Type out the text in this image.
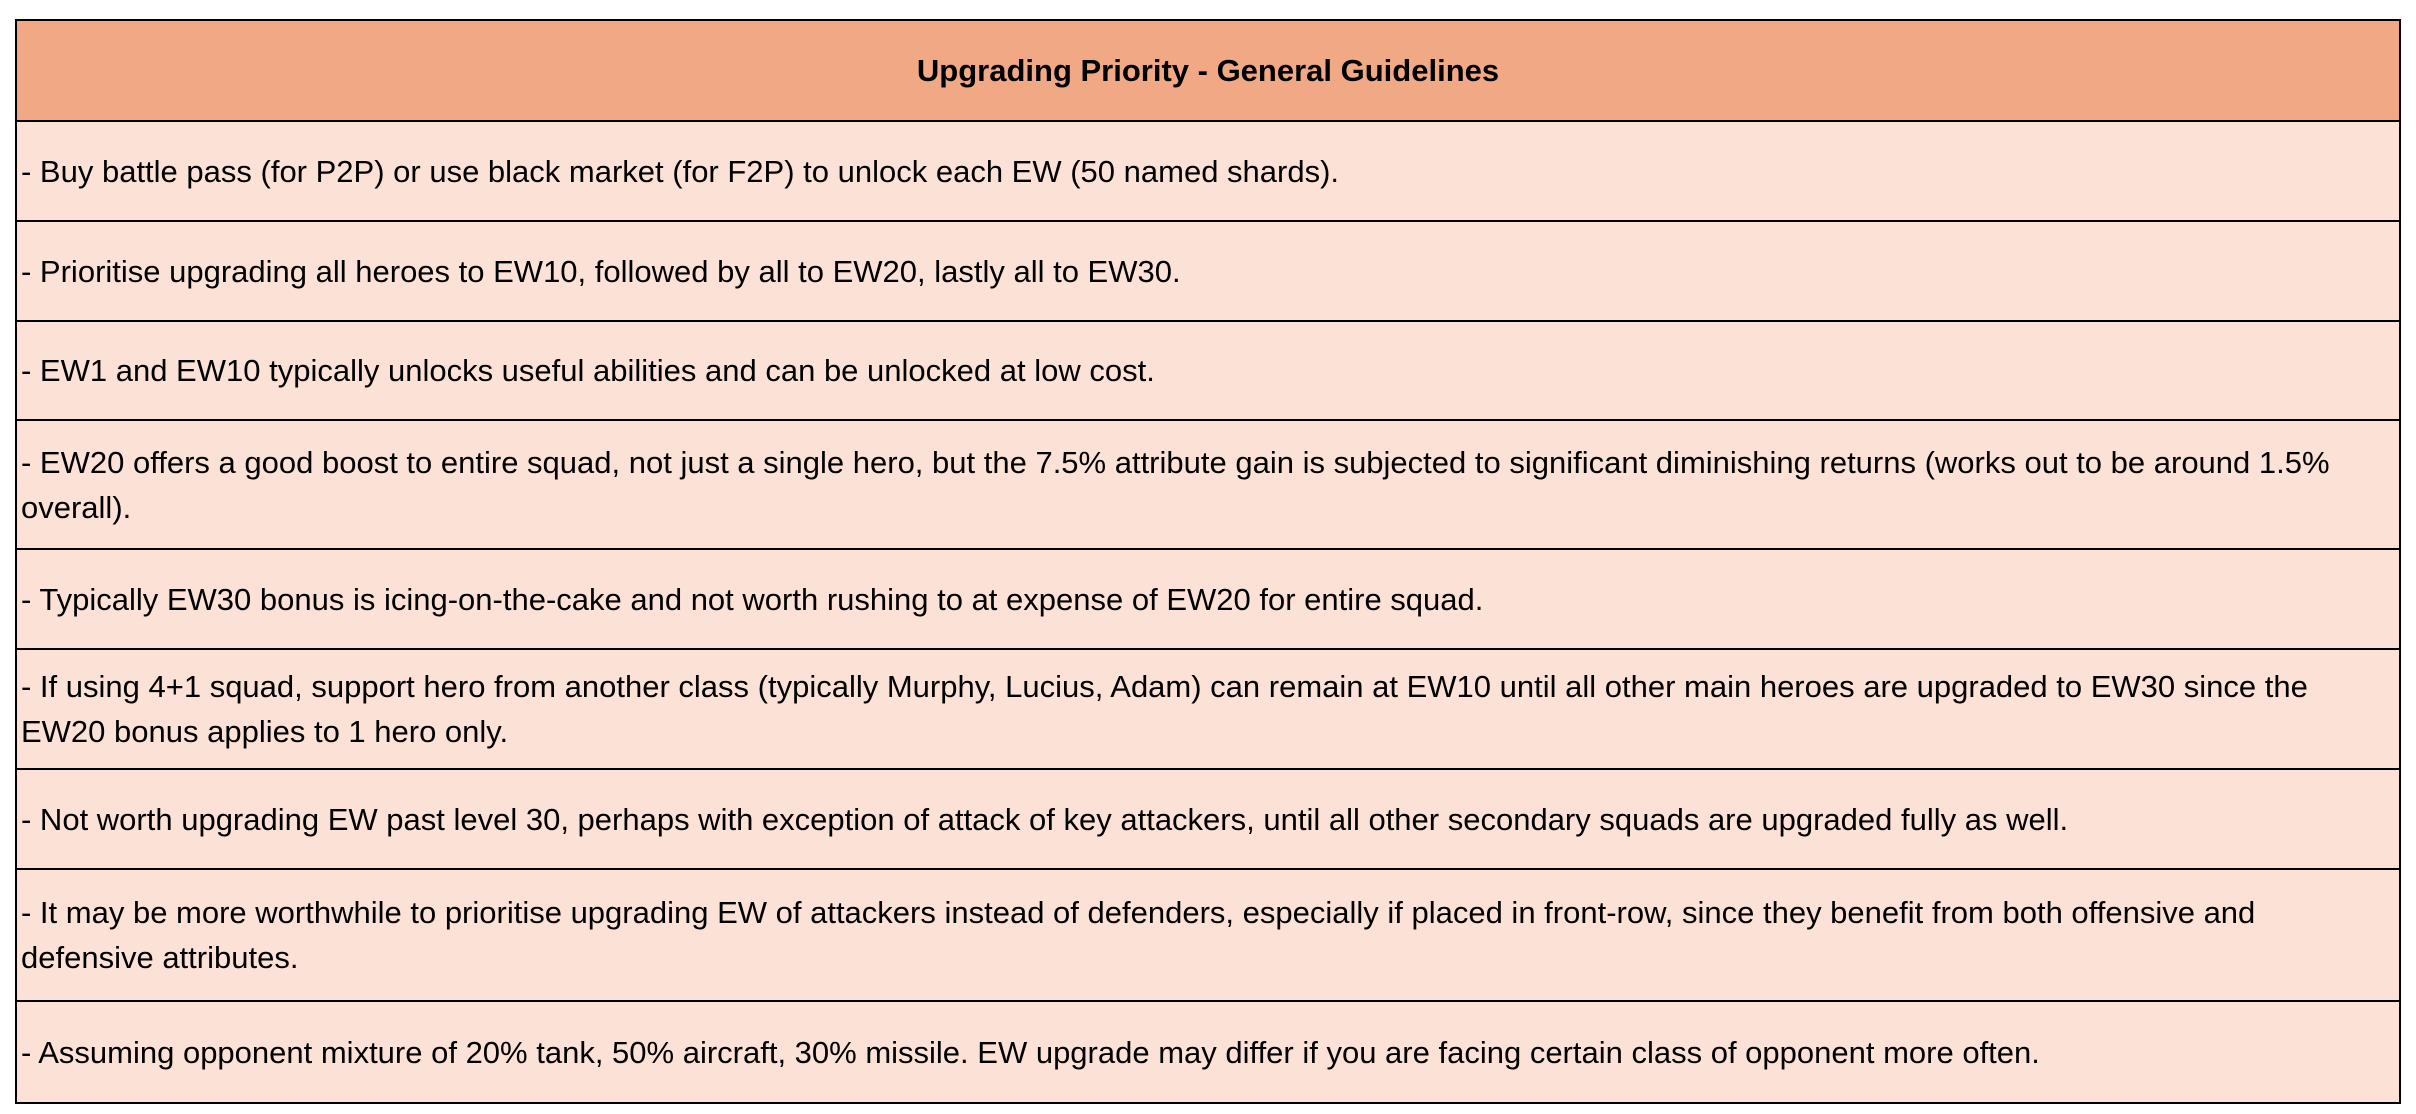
Upgrading Priority - General Guidelines
- Buy battle pass (for P2P) or use black market (for F2P) to unlock each EW (50 named shards).
- Prioritise upgrading all heroes to EW10, followed by all to EW20, lastly all to EW30.
- EW1 and EW10 typically unlocks useful abilities and can be unlocked at low cost.
- EW20 offers a good boost to entire squad, not just a single hero, but the 7.5% attribute gain is subjected to significant diminishing returns (works out to be around 1.5% overall).
- Typically EW30 bonus is icing-on-the-cake and not worth rushing to at expense of EW20 for entire squad.
- If using 4+1 squad, support hero from another class (typically Murphy, Lucius, Adam) can remain at EW10 until all other main heroes are upgraded to EW30 since the EW20 bonus applies to 1 hero only.
- Not worth upgrading EW past level 30, perhaps with exception of attack of key attackers, until all other secondary squads are upgraded fully as well.
- It may be more worthwhile to prioritise upgrading EW of attackers instead of defenders, especially if placed in front-row, since they benefit from both offensive and defensive attributes.
- Assuming opponent mixture of 20% tank, 50% aircraft, 30% missile. EW upgrade may differ if you are facing certain class of opponent more often.
